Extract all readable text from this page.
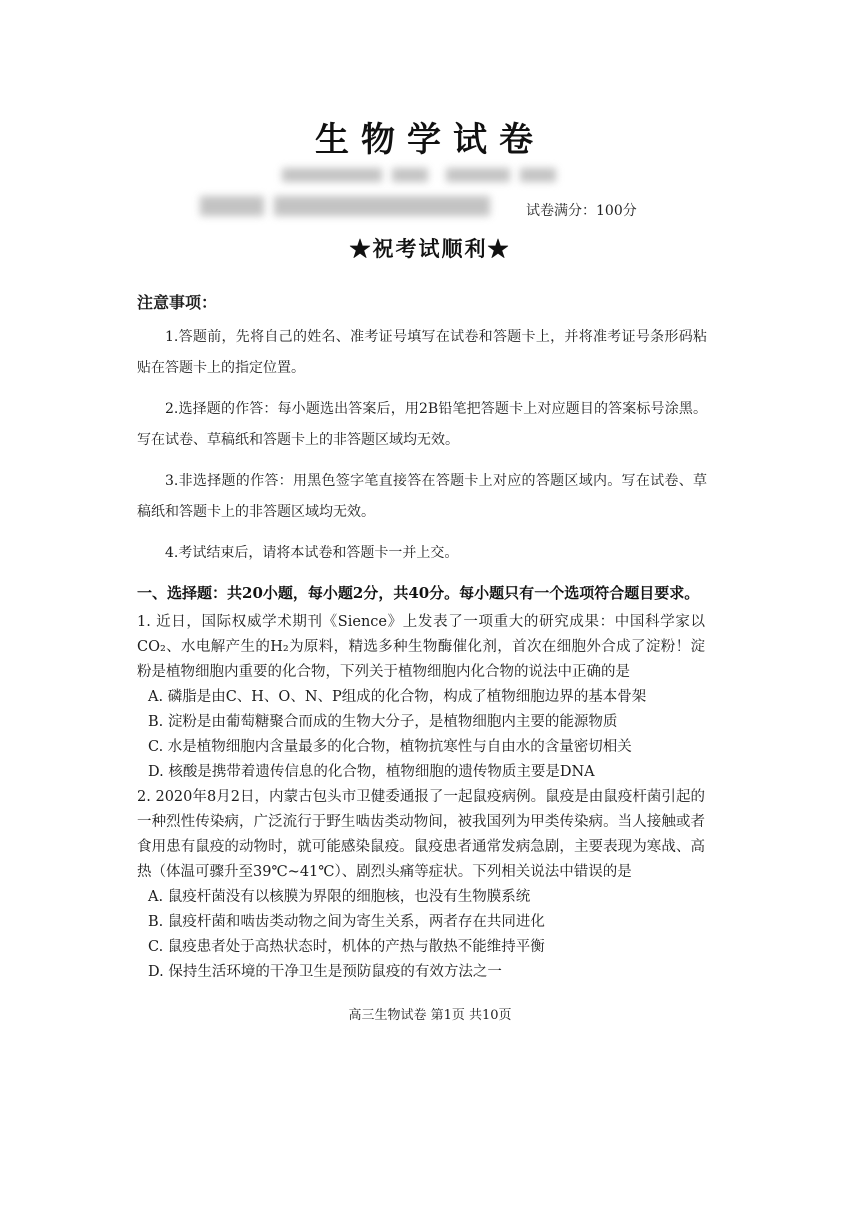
生物学试卷
试卷满分：100分
★祝考试顺利★
注意事项：
1.答题前，先将自己的姓名、准考证号填写在试卷和答题卡上，并将准考证号条形码粘贴在答题卡上的指定位置。
2.选择题的作答：每小题选出答案后，用2B铅笔把答题卡上对应题目的答案标号涂黑。写在试卷、草稿纸和答题卡上的非答题区域均无效。
3.非选择题的作答：用黑色签字笔直接答在答题卡上对应的答题区域内。写在试卷、草稿纸和答题卡上的非答题区域均无效。
4.考试结束后，请将本试卷和答题卡一并上交。
一、选择题：共20小题，每小题2分，共40分。每小题只有一个选项符合题目要求。

1. 近日，国际权威学术期刊《Sience》上发表了一项重大的研究成果：中国科学家以CO₂、水电解产生的H₂为原料，精选多种生物酶催化剂，首次在细胞外合成了淀粉！淀粉是植物细胞内重要的化合物，下列关于植物细胞内化合物的说法中正确的是

A. 磷脂是由C、H、O、N、P组成的化合物，构成了植物细胞边界的基本骨架
B. 淀粉是由葡萄糖聚合而成的生物大分子，是植物细胞内主要的能源物质
C. 水是植物细胞内含量最多的化合物，植物抗寒性与自由水的含量密切相关
D. 核酸是携带着遗传信息的化合物，植物细胞的遗传物质主要是DNA

2. 2020年8月2日，内蒙古包头市卫健委通报了一起鼠疫病例。鼠疫是由鼠疫杆菌引起的一种烈性传染病，广泛流行于野生啮齿类动物间，被我国列为甲类传染病。当人接触或者食用患有鼠疫的动物时，就可能感染鼠疫。鼠疫患者通常发病急剧，主要表现为寒战、高热（体温可骤升至39℃~41℃）、剧烈头痛等症状。下列相关说法中错误的是

A. 鼠疫杆菌没有以核膜为界限的细胞核，也没有生物膜系统
B. 鼠疫杆菌和啮齿类动物之间为寄生关系，两者存在共同进化
C. 鼠疫患者处于高热状态时，机体的产热与散热不能维持平衡
D. 保持生活环境的干净卫生是预防鼠疫的有效方法之一
高三生物试卷 第1页 共10页
